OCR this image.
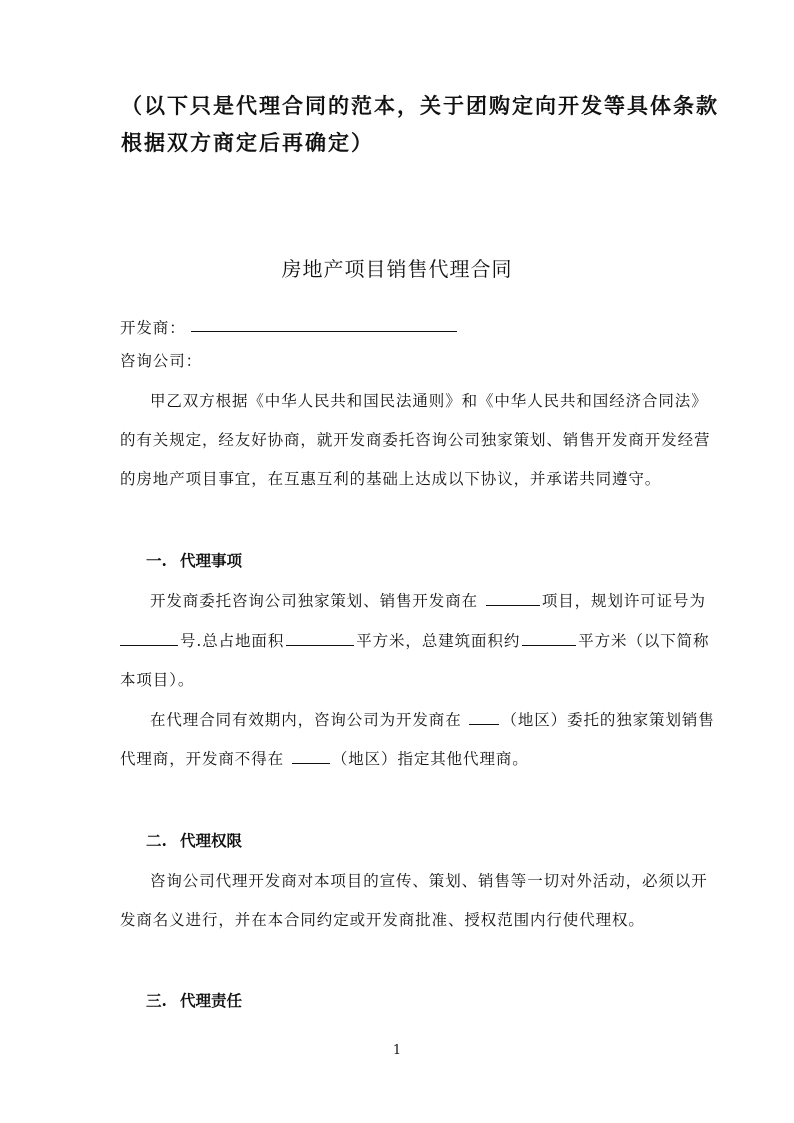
（以下只是代理合同的范本，关于团购定向开发等具体条款
根据双方商定后再确定）
房地产项目销售代理合同
开发商：
咨询公司：
甲乙双方根据《中华人民共和国民法通则》和《中华人民共和国经济合同法》
的有关规定，经友好协商，就开发商委托咨询公司独家策划、销售开发商开发经营
的房地产项目事宜，在互惠互利的基础上达成以下协议，并承诺共同遵守。
一. 代理事项
开发商委托咨询公司独家策划、销售开发商在	项目，规划许可证号为
号.总占地面积	平方米，总建筑面积约	平方米（以下简称
本项目）。
在代理合同有效期内，咨询公司为开发商在	（地区）委托的独家策划销售
代理商，开发商不得在	（地区）指定其他代理商。
二. 代理权限
咨询公司代理开发商对本项目的宣传、策划、销售等一切对外活动，必须以开
发商名义进行，并在本合同约定或开发商批准、授权范围内行使代理权。
三. 代理责任
1
